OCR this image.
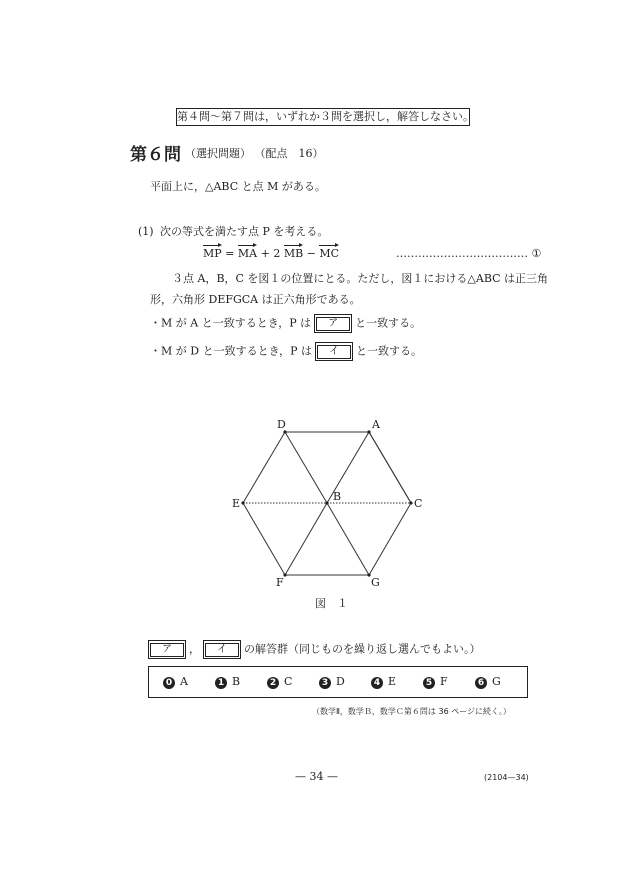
第４問～第７問は，いずれか３問を選択し，解答しなさい。
第６問 （選択問題） （配点　16）
平面上に，△ABC と点 M がある。
(1) 次の等式を満たす点 P を考える。
MP = MA + 2 MB − MC	……………………………… ①
３点 A，B，C を図１の位置にとる。ただし，図１における△ABC は正三角
形，六角形 DEFGCA は正六角形である。
・M が A と一致するとき，P は ア と一致する。
・M が D と一致するとき，P は イ と一致する。
D	A
E
B
C
F	G
図　１
ア ， イ の解答群（同じものを繰り返し選んでもよい。）
0 A	1 B	2 C	3 D	4 E	5 F	6 G
（数学Ⅱ，数学Ｂ，数学Ｃ第６問は 36 ページに続く。）
— 34 —	(2104—34)
